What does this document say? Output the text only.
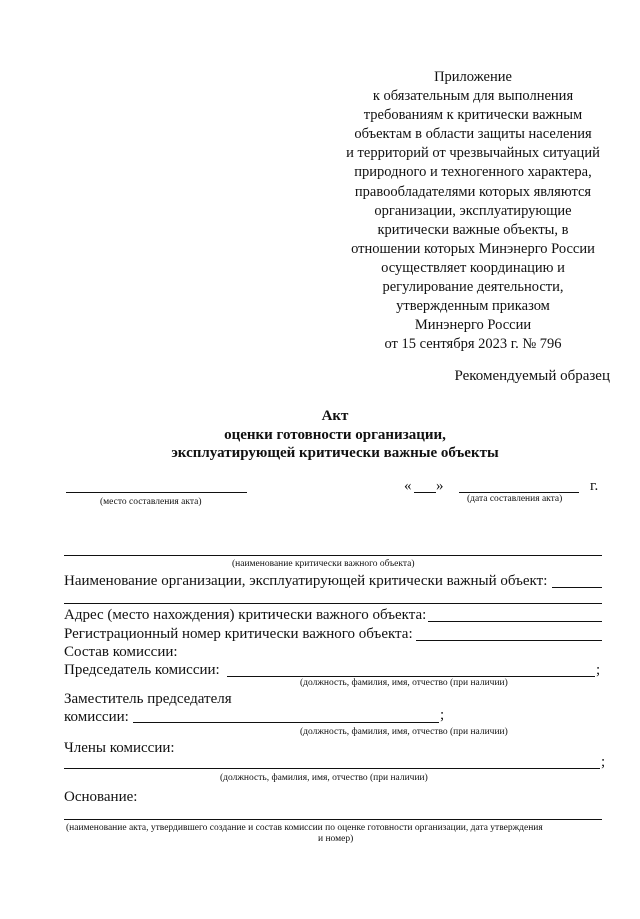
Приложение
к обязательным для выполнения
требованиям к критически важным
объектам в области защиты населения
и территорий от чрезвычайных ситуаций
природного и техногенного характера,
правообладателями которых являются
организации, эксплуатирующие
критически важные объекты, в
отношении которых Минэнерго России
осуществляет координацию и
регулирование деятельности,
утвержденным приказом
Минэнерго России
от 15 сентября 2023 г. № 796
Рекомендуемый образец
Акт
оценки готовности организации,
эксплуатирующей критически важные объекты
(место составления акта)
« »	г.
(дата составления акта)
(наименование критически важного объекта)
Наименование организации, эксплуатирующей критически важный объект:
Адрес (место нахождения) критически важного объекта:
Регистрационный номер критически важного объекта:
Состав комиссии:
Председатель комиссии:	;
(должность, фамилия, имя, отчество (при наличии)
Заместитель председателя
комиссии:	;
(должность, фамилия, имя, отчество (при наличии)
Члены комиссии:
;
(должность, фамилия, имя, отчество (при наличии)
Основание:
(наименование акта, утвердившего создание и состав комиссии по оценке готовности организации, дата утверждения
и номер)
